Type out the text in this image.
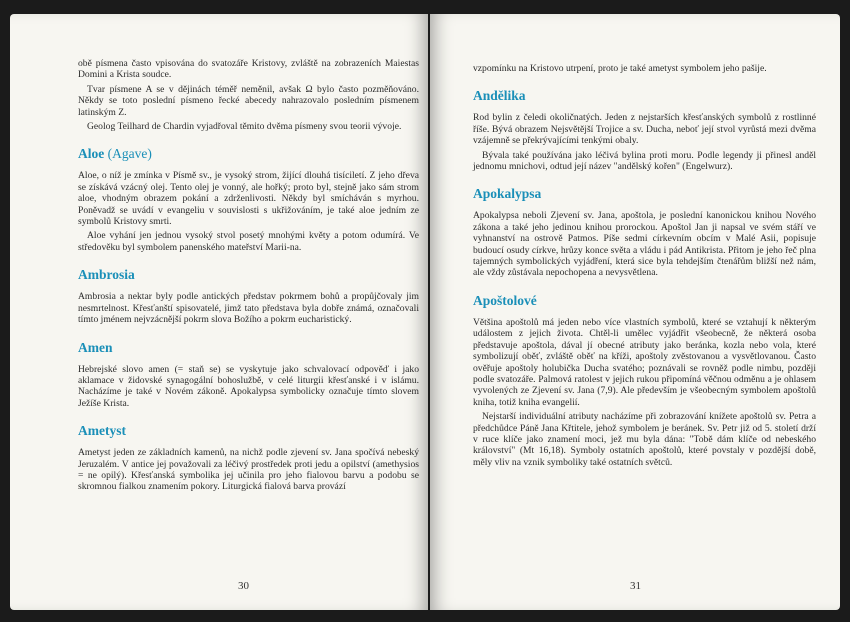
obě písmena často vpisována do svatozáře Kristovy, zvláště na zobrazeních Maiestas Domini a Krista soudce.

Tvar písmene A se v dějinách téměř neměnil, avšak Ω bylo často pozměňováno. Někdy se toto poslední písmeno řecké abecedy nahrazovalo posledním písmenem latinským Z.

Geolog Teilhard de Chardin vyjadřoval těmito dvěma písmeny svou teorii vývoje.

Aloe (Agave)

Aloe, o níž je zmínka v Písmě sv., je vysoký strom, žijící dlouhá tisíciletí. Z jeho dřeva se získává vzácný olej. Tento olej je vonný, ale hořký; proto byl, stejně jako sám strom aloe, vhodným obrazem pokání a zdrženlivosti. Někdy byl smícháván s myrhou. Poněvadž se uvádí v evangeliu v souvislosti s ukřižováním, je také aloe jedním ze symbolů Kristovy smrti.

Aloe vyhání jen jednou vysoký stvol posetý mnohými květy a potom odumírá. Ve středověku byl symbolem panenského mateřství Marii-na.

Ambrosia

Ambrosia a nektar byly podle antických představ pokrmem bohů a propůjčovaly jim nesmrtelnost. Křesťanští spisovatelé, jimž tato představa byla dobře známá, označovali tímto jménem nejvzácnější pokrm slova Božího a pokrm eucharistický.

Amen

Hebrejské slovo amen (= staň se) se vyskytuje jako schvalovací odpověď i jako aklamace v židovské synagogální bohoslužbě, v celé liturgii křesťanské i v islámu. Nacházíme je také v Novém zákoně. Apokalypsa symbolicky označuje tímto slovem Ježíše Krista.

Ametyst

Ametyst jeden ze základních kamenů, na nichž podle zjevení sv. Jana spočívá nebeský Jeruzalém. V antice jej považovali za léčivý prostředek proti jedu a opilství (amethysios = ne opilý). Křesťanská symbolika jej učinila pro jeho fialovou barvu a podobu se skromnou fialkou znamením pokory. Liturgická fialová barva provází

30

vzpomínku na Kristovo utrpení, proto je také ametyst symbolem jeho pašije.

Andělika

Rod bylin z čeledi okoličnatých. Jeden z nejstarších křesťanských symbolů z rostlinné říše. Bývá obrazem Nejsvětější Trojice a sv. Ducha, neboť její stvol vyrůstá mezi dvěma vzájemně se překrývajícími tenkými obaly.

Bývala také používána jako léčivá bylina proti moru. Podle legendy ji přinesl anděl jednomu mnichovi, odtud její název "andělský kořen" (Engelwurz).

Apokalypsa

Apokalypsa neboli Zjevení sv. Jana, apoštola, je poslední kanonickou knihou Nového zákona a také jeho jedinou knihou prorockou. Apoštol Jan ji napsal ve svém stáří ve vyhnanství na ostrově Patmos. Píše sedmi církevním obcím v Malé Asii, popisuje budoucí osudy církve, hrůzy konce světa a vládu i pád Antikrista. Přitom je jeho řeč plna tajemných symbolických vyjádření, která sice byla tehdejším čtenářům bližší než nám, ale vždy zůstávala nepochopena a nevysvětlena.

Apoštolové

Většina apoštolů má jeden nebo více vlastních symbolů, které se vztahují k některým událostem z jejich života. Chtěl-li umělec vyjádřit všeobecně, že některá osoba představuje apoštola, dával jí obecné atributy jako beránka, kozla nebo vola, které symbolizují oběť, zvláště oběť na kříži, apoštoly zvěstovanou a vysvětlovanou. Často ověřuje apoštoly holubička Ducha svatého; poznávali se rovněž podle nimbu, později podle svatozáře. Palmová ratolest v jejich rukou připomíná věčnou odměnu a je ohlasem vyvolených ze Zjevení sv. Jana (7,9). Ale především je všeobecným symbolem apoštolů kniha, totiž kniha evangelií.

Nejstarší individuální atributy nacházíme při zobrazování knížete apoštolů sv. Petra a předchůdce Páně Jana Křtitele, jehož symbolem je beránek. Sv. Petr již od 5. století drží v ruce klíče jako znamení moci, jež mu byla dána: "Tobě dám klíče od nebeského království" (Mt 16,18). Symboly ostatních apoštolů, které povstaly v pozdější době, měly vliv na vznik symboliky také ostatních světců.

31
